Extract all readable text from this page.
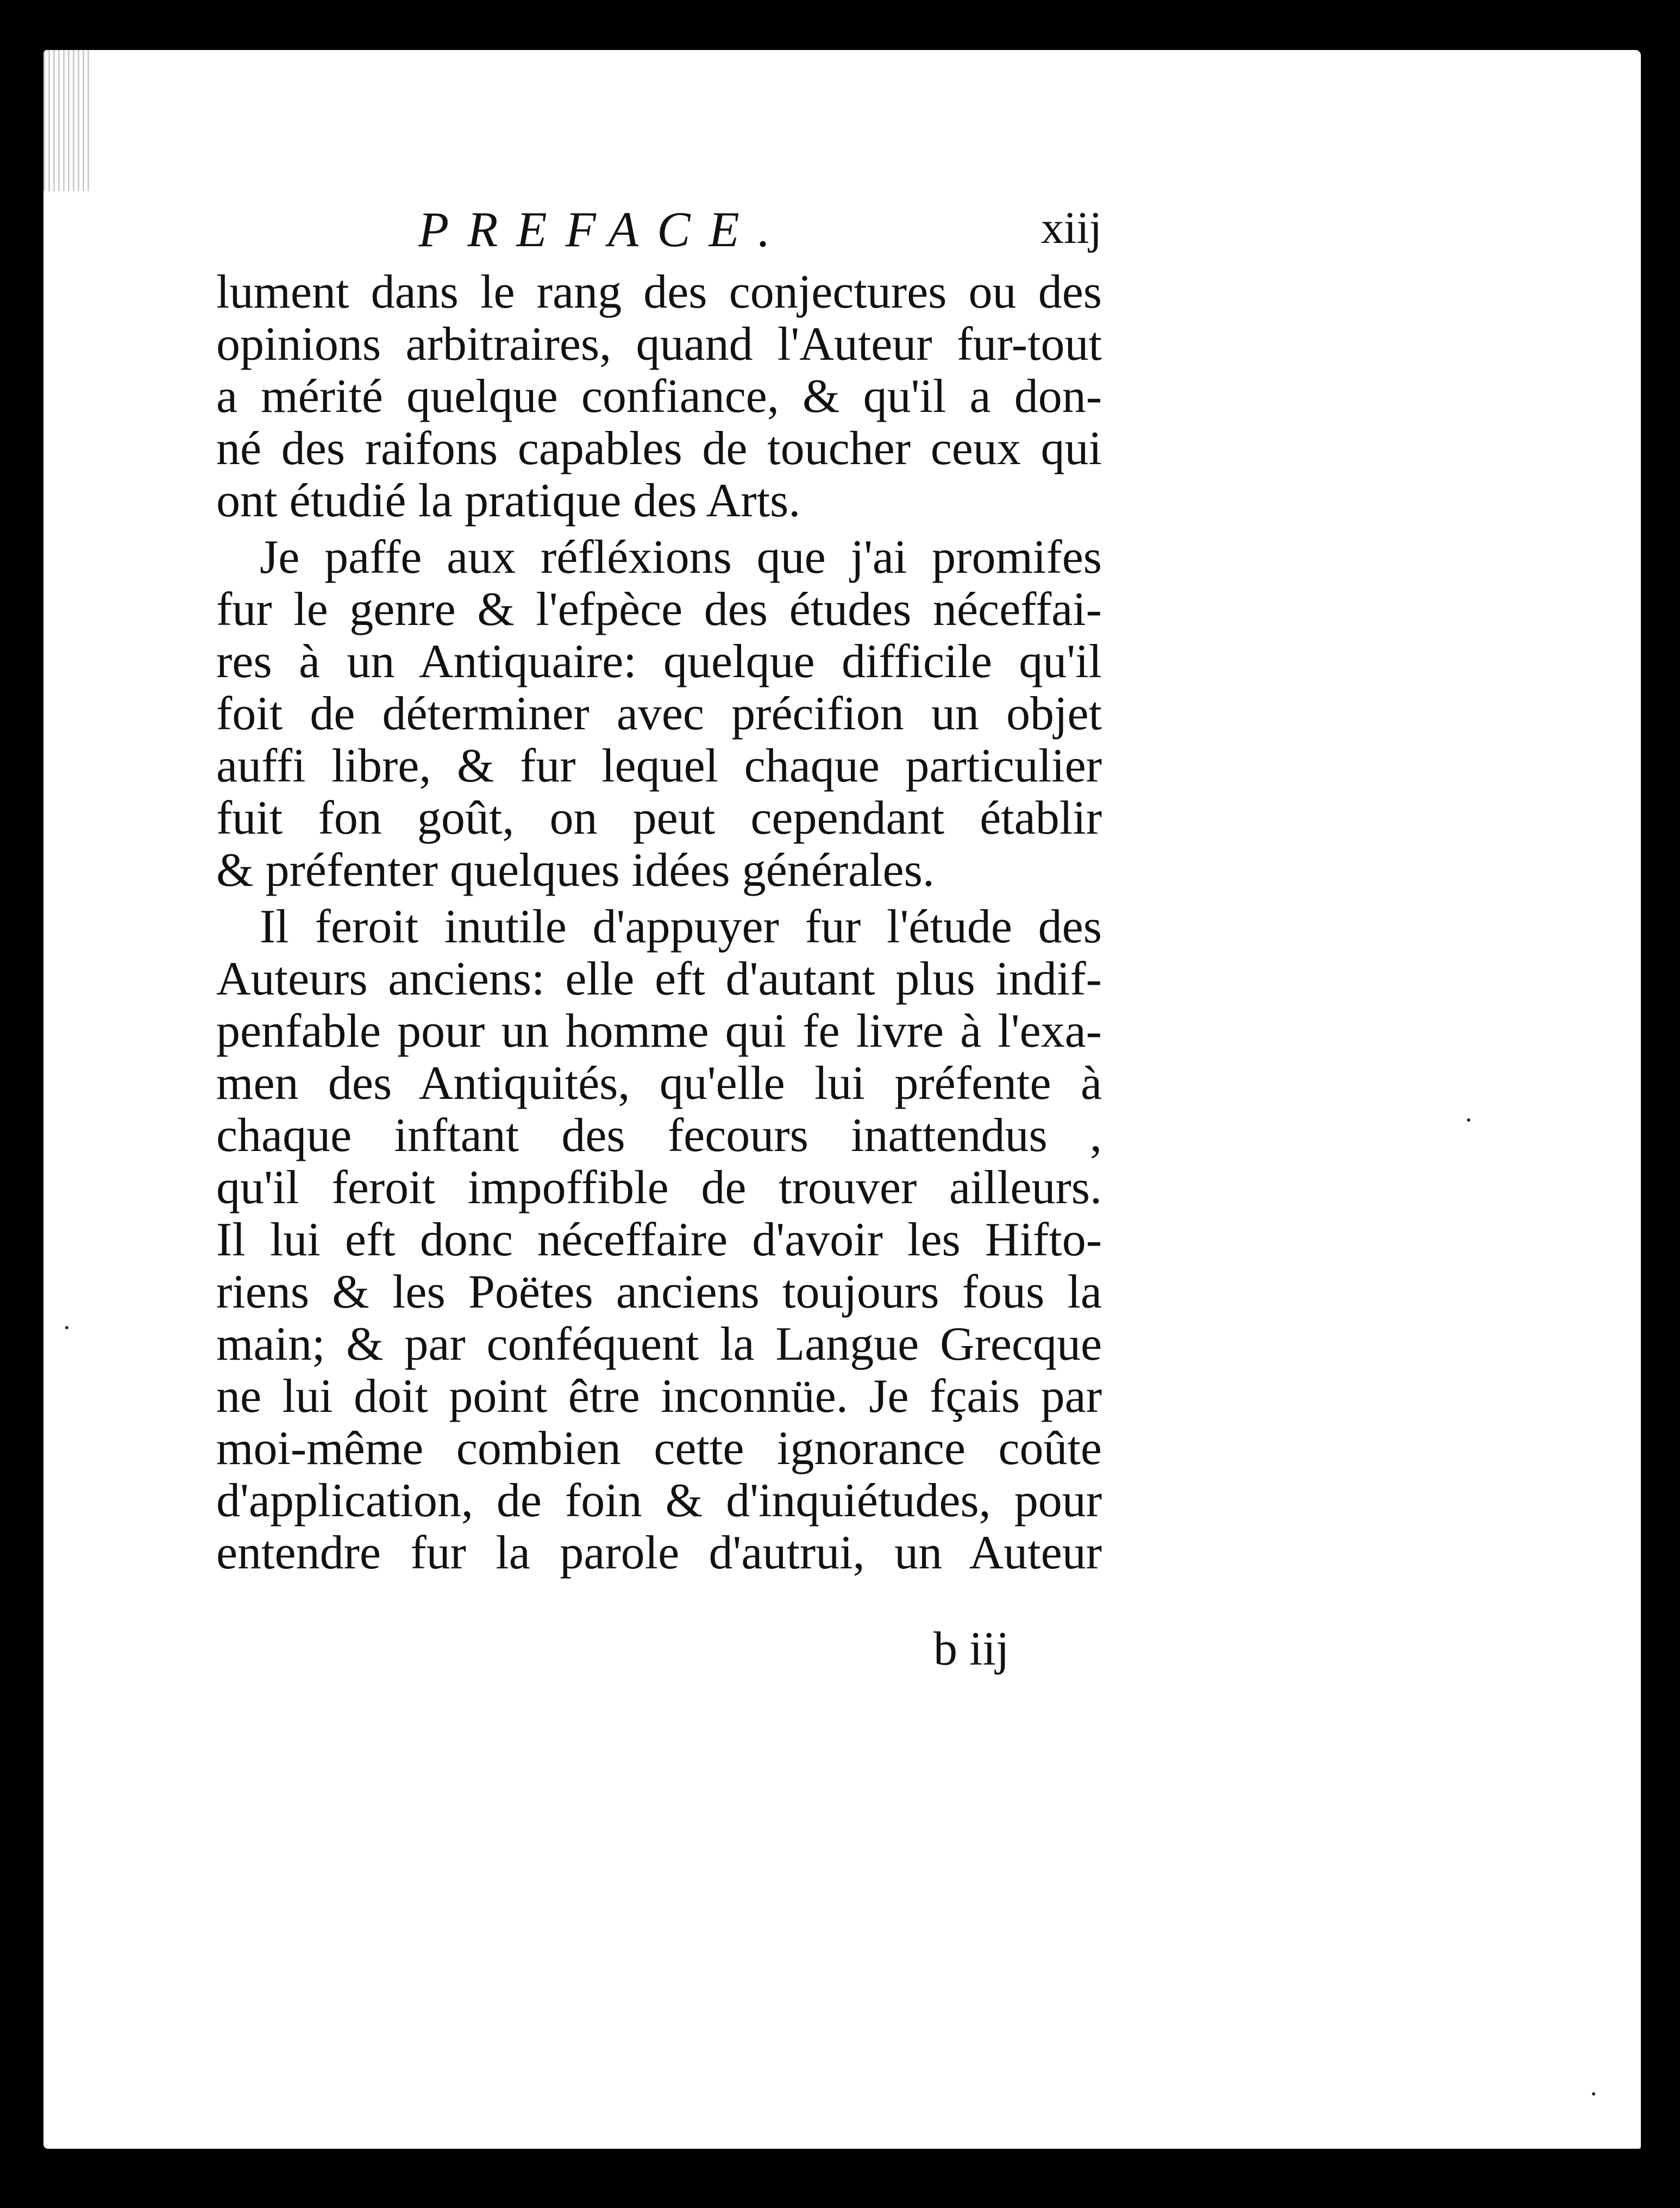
PREFACE.	xiij
lument dans le rang des conjectures ou des
opinions arbitraires, quand l'Auteur fur-tout
a mérité quelque confiance, & qu'il a don-
né des raifons capables de toucher ceux qui
ont étudié la pratique des Arts.
Je paffe aux réfléxions que j'ai promifes
fur le genre & l'efpèce des études néceffai-
res à un Antiquaire: quelque difficile qu'il
foit de déterminer avec précifion un objet
auffi libre, & fur lequel chaque particulier
fuit fon goût, on peut cependant établir
& préfenter quelques idées générales.
Il feroit inutile d'appuyer fur l'étude des
Auteurs anciens: elle eft d'autant plus indif-
penfable pour un homme qui fe livre à l'exa-
men des Antiquités, qu'elle lui préfente à
chaque inftant des fecours inattendus ,
qu'il feroit impoffible de trouver ailleurs.
Il lui eft donc néceffaire d'avoir les Hifto-
riens & les Poëtes anciens toujours fous la
main; & par conféquent la Langue Grecque
ne lui doit point être inconnüe. Je fçais par
moi-même combien cette ignorance coûte
d'application, de foin & d'inquiétudes, pour
entendre fur la parole d'autrui, un Auteur
b iij
